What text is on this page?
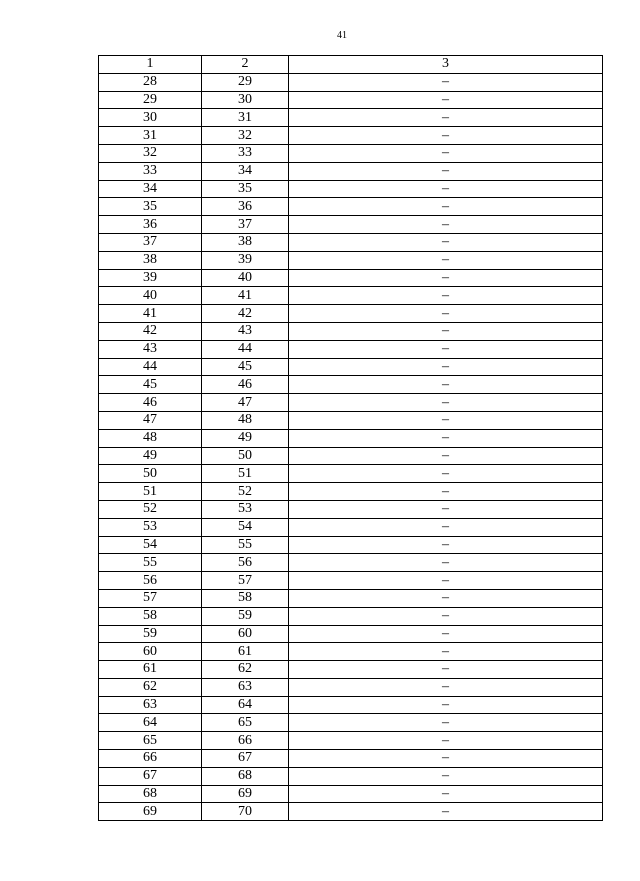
41
1	2	3
28	29	–
29	30	–
30	31	–
31	32	–
32	33	–
33	34	–
34	35	–
35	36	–
36	37	–
37	38	–
38	39	–
39	40	–
40	41	–
41	42	–
42	43	–
43	44	–
44	45	–
45	46	–
46	47	–
47	48	–
48	49	–
49	50	–
50	51	–
51	52	–
52	53	–
53	54	–
54	55	–
55	56	–
56	57	–
57	58	–
58	59	–
59	60	–
60	61	–
61	62	–
62	63	–
63	64	–
64	65	–
65	66	–
66	67	–
67	68	–
68	69	–
69	70	–
